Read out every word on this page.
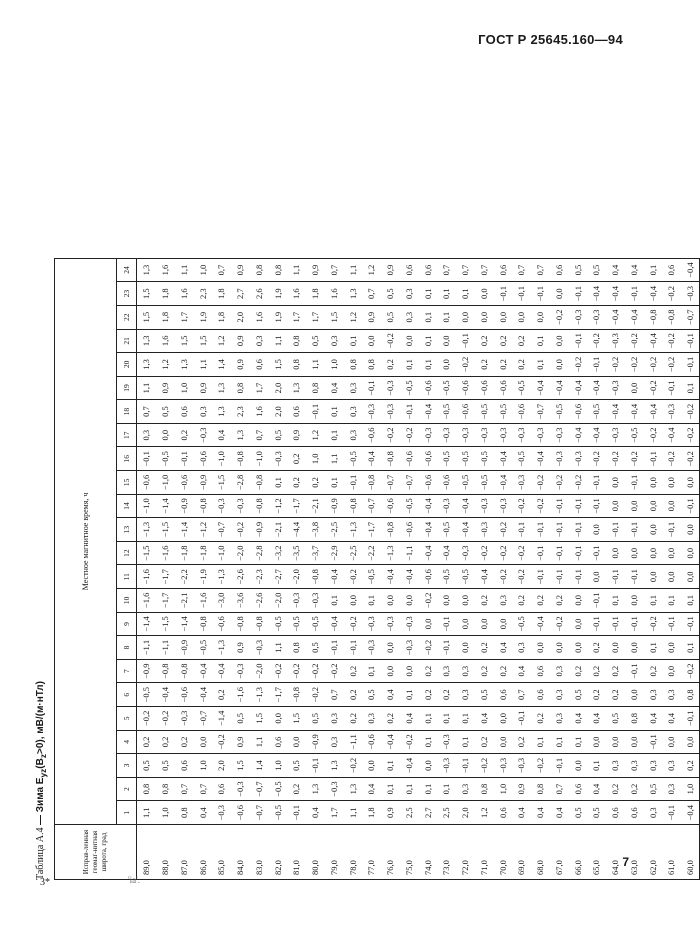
ГОСТ Р 25645.160—94
Таблица А.4 — Зима $E_{yz}(B_z>0)$, мВ/(м·нТл)
Исправ-ленная геомаг-нитная широта, град
Местное магнитное время, ч
1
2
3
4
5
6
7
8
9
10
11
12
13
14
15
16
17
18
19
20
21
22
23
24
89,0
1,1
0,8
0,5
0,2
−0,2
−0,5
−0,9
−1,1
−1,4
−1,6
−1,6
−1,5
−1,3
−1,0
−0,6
−0,1
0,3
0,7
1,1
1,3
1,3
1,5
1,5
1,3
88,0
1,0
0,8
0,5
0,2
−0,2
−0,4
−0,8
−1,1
−1,5
−1,7
−1,7
−1,6
−1,5
−1,4
−1,0
−0,5
0,0
0,5
0,9
1,2
1,6
1,8
1,8
1,6
87,0
0,8
0,7
0,6
0,2
−0,3
−0,6
−0,8
−0,9
−1,4
−2,1
−2,2
−1,8
−1,4
−0,9
−0,6
−0,1
0,2
0,6
1,0
1,3
1,5
1,7
1,6
1,1
86,0
0,4
0,7
1,0
0,0
−0,7
−0,4
−0,4
−0,5
−0,8
−1,6
−1,9
−1,8
−1,2
−0,8
−0,9
−0,6
−0,3
0,3
0,9
1,1
1,5
1,9
2,3
1,0
85,0
−0,3
0,6
2,0
−0,2
−1,4
0,2
−0,4
−1,3
−0,6
−3,0
−1,3
−1,0
−0,7
−0,3
−1,5
−1,0
0,4
1,3
1,3
1,4
1,2
1,8
1,8
0,7
84,0
−0,6
−0,3
1,5
0,9
0,5
−1,6
−0,3
0,9
−0,8
−3,6
−2,6
−2,0
−0,2
−0,3
−2,8
−0,8
1,3
2,3
0,8
0,9
0,9
2,0
2,7
0,9
83,0
−0,7
−0,7
1,4
1,1
1,5
−1,3
−2,0
−0,3
−0,8
−2,6
−2,3
−2,8
−0,9
−0,8
−0,8
−1,0
0,7
1,6
1,7
0,6
0,3
1,6
2,6
0,8
82,0
−0,5
−0,5
1,0
0,6
0,0
−1,7
−0,2
1,1
−0,5
−2,0
−2,7
−3,2
−2,1
−1,2
0,1
−0,3
0,5
2,0
2,0
1,5
1,1
1,9
1,9
0,8
81,0
−0,1
0,2
0,5
0,0
1,5
−0,8
−0,2
0,8
−0,5
−0,3
−2,0
−3,5
−4,4
−1,7
0,2
0,2
0,9
0,6
1,3
0,8
0,8
1,7
1,6
1,1
80,0
0,4
1,3
−0,1
−0,9
0,5
−0,2
−0,2
0,5
−0,5
−0,3
−0,8
−3,7
−3,8
−2,1
0,2
1,0
1,2
−0,1
0,8
1,1
0,5
1,7
1,8
0,9
79,0
1,7
−0,3
1,3
0,3
0,3
0,7
−0,2
−0,1
−0,4
0,1
−0,4
−2,9
−2,5
−0,9
0,1
1,1
0,1
0,1
0,4
1,0
0,3
1,5
1,6
0,7
78,0
1,1
1,3
−0,2
−1,1
0,2
0,2
0,2
−0,1
−0,2
0,0
−0,2
−2,5
−1,3
−0,8
−0,1
−0,5
0,3
0,3
0,3
0,8
0,1
1,2
1,3
1,1
77,0
1,8
0,4
0,0
−0,6
0,3
0,5
0,1
−0,3
−0,3
0,1
−0,5
−2,2
−1,7
−0,7
−0,8
−0,4
−0,6
−0,3
−0,1
0,8
0,0
0,9
0,7
1,2
76,0
0,9
0,1
0,1
−0,4
0,2
0,4
0,0
0,0
−0,3
0,0
−0,4
−1,3
−0,8
−0,6
−0,7
−0,8
−0,2
−0,3
−0,3
0,2
−0,2
0,5
0,5
0,9
75,0
2,5
0,1
−0,4
−0,2
0,4
0,1
0,0
−0,3
−0,3
0,0
−0,4
−1,1
−0,6
−0,5
−0,7
−0,6
−0,2
−0,1
−0,5
0,1
0,0
0,3
0,3
0,6
74,0
2,7
0,1
0,0
0,1
0,1
0,2
0,2
−0,2
0,0
−0,2
−0,6
−0,4
−0,4
−0,4
−0,6
−0,6
−0,3
−0,4
−0,6
0,1
0,1
0,1
0,1
0,6
73,0
2,5
0,1
−0,3
−0,3
0,1
0,2
0,3
−0,1
−0,1
0,0
−0,5
−0,4
−0,5
−0,3
−0,6
−0,5
−0,3
−0,5
−0,5
0,0
0,0
0,1
0,1
0,7
72,0
2,0
0,3
−0,1
0,1
0,1
0,3
0,3
0,0
0,0
0,0
−0,5
−0,3
−0,4
−0,4
−0,5
−0,5
−0,3
−0,6
−0,6
−0,2
−0,1
0,0
0,1
0,7
71,0
1,2
0,8
−0,2
0,2
0,4
0,5
0,2
0,2
0,0
0,2
−0,4
−0,2
−0,3
−0,3
−0,5
−0,5
−0,3
−0,5
−0,6
0,2
0,2
0,0
0,0
0,7
70,0
0,6
1,0
−0,3
0,0
0,0
0,6
0,2
0,4
0,0
0,3
−0,2
−0,2
−0,2
−0,3
−0,4
−0,4
−0,3
−0,5
−0,6
0,2
0,2
0,0
−0,1
0,6
69,0
0,4
0,9
−0,3
0,2
−0,1
0,7
0,4
0,3
−0,5
0,2
−0,2
−0,2
−0,1
−0,2
−0,3
−0,5
−0,3
−0,6
−0,5
0,2
0,2
0,0
−0,1
0,7
68,0
0,4
0,8
−0,2
0,1
0,2
0,6
0,6
0,0
−0,4
0,2
−0,1
−0,1
−0,1
−0,2
−0,2
−0,4
−0,3
−0,7
−0,4
0,1
0,1
0,0
−0,1
0,7
67,0
0,4
0,7
−0,1
0,1
0,3
0,3
0,3
0,0
−0,2
0,2
−0,1
−0,1
−0,1
−0,1
−0,2
−0,3
−0,3
−0,5
−0,4
0,0
0,0
−0,2
0,0
0,6
66,0
0,5
0,6
0,0
0,1
0,4
0,5
0,2
0,0
0,0
0,0
−0,1
−0,1
−0,1
−0,1
−0,2
−0,3
−0,4
−0,6
−0,4
−0,2
−0,1
−0,3
−0,1
0,5
65,0
0,5
0,4
0,1
0,0
0,4
0,2
0,2
0,2
−0,1
−0,1
0,0
−0,1
0,0
−0,1
−0,1
−0,2
−0,4
−0,5
−0,4
−0,1
−0,2
−0,3
−0,4
0,5
64,0
0,6
0,2
0,3
0,0
0,5
0,2
0,2
0,0
−0,1
0,1
−0,1
0,0
−0,1
0,0
0,0
−0,2
−0,3
−0,4
−0,3
−0,2
−0,3
−0,4
−0,4
0,4
63,0
0,6
0,2
0,3
0,0
0,8
0,0
−0,1
0,0
−0,1
0,0
−0,1
0,0
−0,1
0,0
−0,1
−0,2
−0,5
−0,4
0,0
−0,2
−0,2
−0,4
−0,1
0,4
62,0
0,3
0,5
0,3
−0,1
0,4
0,3
0,2
0,1
−0,2
0,1
0,0
0,0
0,0
0,0
0,0
−0,1
−0,2
−0,4
−0,2
−0,2
−0,4
−0,8
−0,4
0,1
61,0
−0,1
0,3
0,3
0,0
0,4
0,3
0,0
0,0
−0,1
0,1
0,0
0,0
−0,1
0,0
0,0
−0,2
−0,4
−0,3
−0,1
−0,2
−0,2
−0,8
−0,2
0,6
60,0
−0,4
1,0
0,2
0,0
−0,1
0,8
−0,2
0,1
−0,1
0,1
0,0
0,0
0,0
−0,1
0,0
−0,2
−0,2
−0,2
0,1
−0,1
−0,1
−0,7
−0,3
−0,4
3*	'ia'.
7
